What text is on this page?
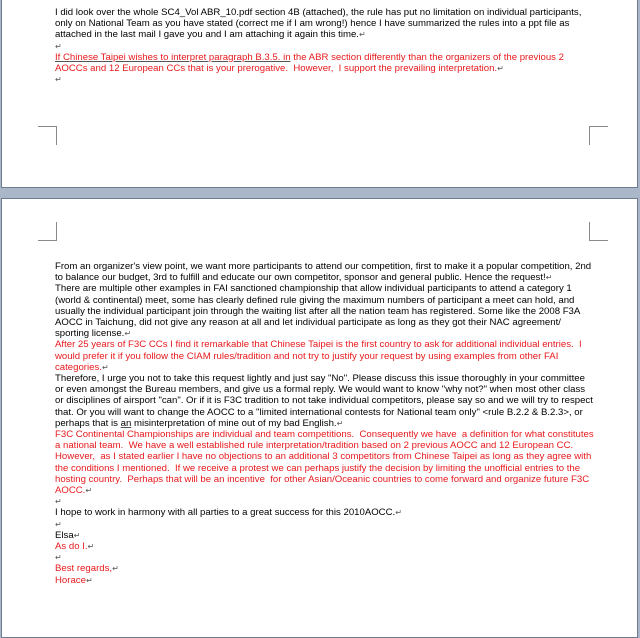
I did look over the whole SC4_Vol ABR_10.pdf section 4B (attached), the rule has put no limitation on individual participants, only on National Team as you have stated (correct me if I am wrong!) hence I have summarized the rules into a ppt file as attached in the last mail I gave you and I am attaching it again this time.↵

↵

If Chinese Taipei wishes to interpret paragraph B.3.5. in the ABR section differently than the organizers of the previous 2 AOCCs and 12 European CCs that is your prerogative.  However,  I support the prevailing interpretation.↵

↵

From an organizer's view point, we want more participants to attend our competition, first to make it a popular competition, 2nd to balance our budget, 3rd to fulfill and educate our own competitor, sponsor and general public. Hence the request!↵

There are multiple other examples in FAI sanctioned championship that allow individual participants to attend a category 1 (world & continental) meet, some has clearly defined rule giving the maximum numbers of participant a meet can hold, and usually the individual participant join through the waiting list after all the nation team has registered. Some like the 2008 F3A AOCC in Taichung, did not give any reason at all and let individual participate as long as they got their NAC agreement/ sporting license.↵

After 25 years of F3C CCs I find it remarkable that Chinese Taipei is the first country to ask for additional individual entries.  I would prefer it if you follow the CIAM rules/tradition and not try to justify your request by using examples from other FAI categories.↵

Therefore, I urge you not to take this request lightly and just say "No". Please discuss this issue thoroughly in your committee or even amongst the Bureau members, and give us a formal reply. We would want to know "why not?" when most other class or disciplines of airsport "can". Or if it is F3C tradition to not take individual competitors, please say so and we will try to respect that. Or you will want to change the AOCC to a "limited international contests for National team only" <rule B.2.2 & B.2.3>, or perhaps that is an misinterpretation of mine out of my bad English.↵

F3C Continental Championships are individual and team competitions.  Consequently we have  a definition for what constitutes a national team.  We have a well established rule interpretation/tradition based on 2 previous AOCC and 12 European CC.  However,  as I stated earlier I have no objections to an additional 3 competitors from Chinese Taipei as long as they agree with the conditions I mentioned.  If we receive a protest we can perhaps justify the decision by limiting the unofficial entries to the hosting country.  Perhaps that will be an incentive  for other Asian/Oceanic countries to come forward and organize future F3C AOCC.↵

↵

I hope to work in harmony with all parties to a great success for this 2010AOCC.↵

↵

Elsa↵

As do I.↵

↵

Best regards,↵

Horace↵
